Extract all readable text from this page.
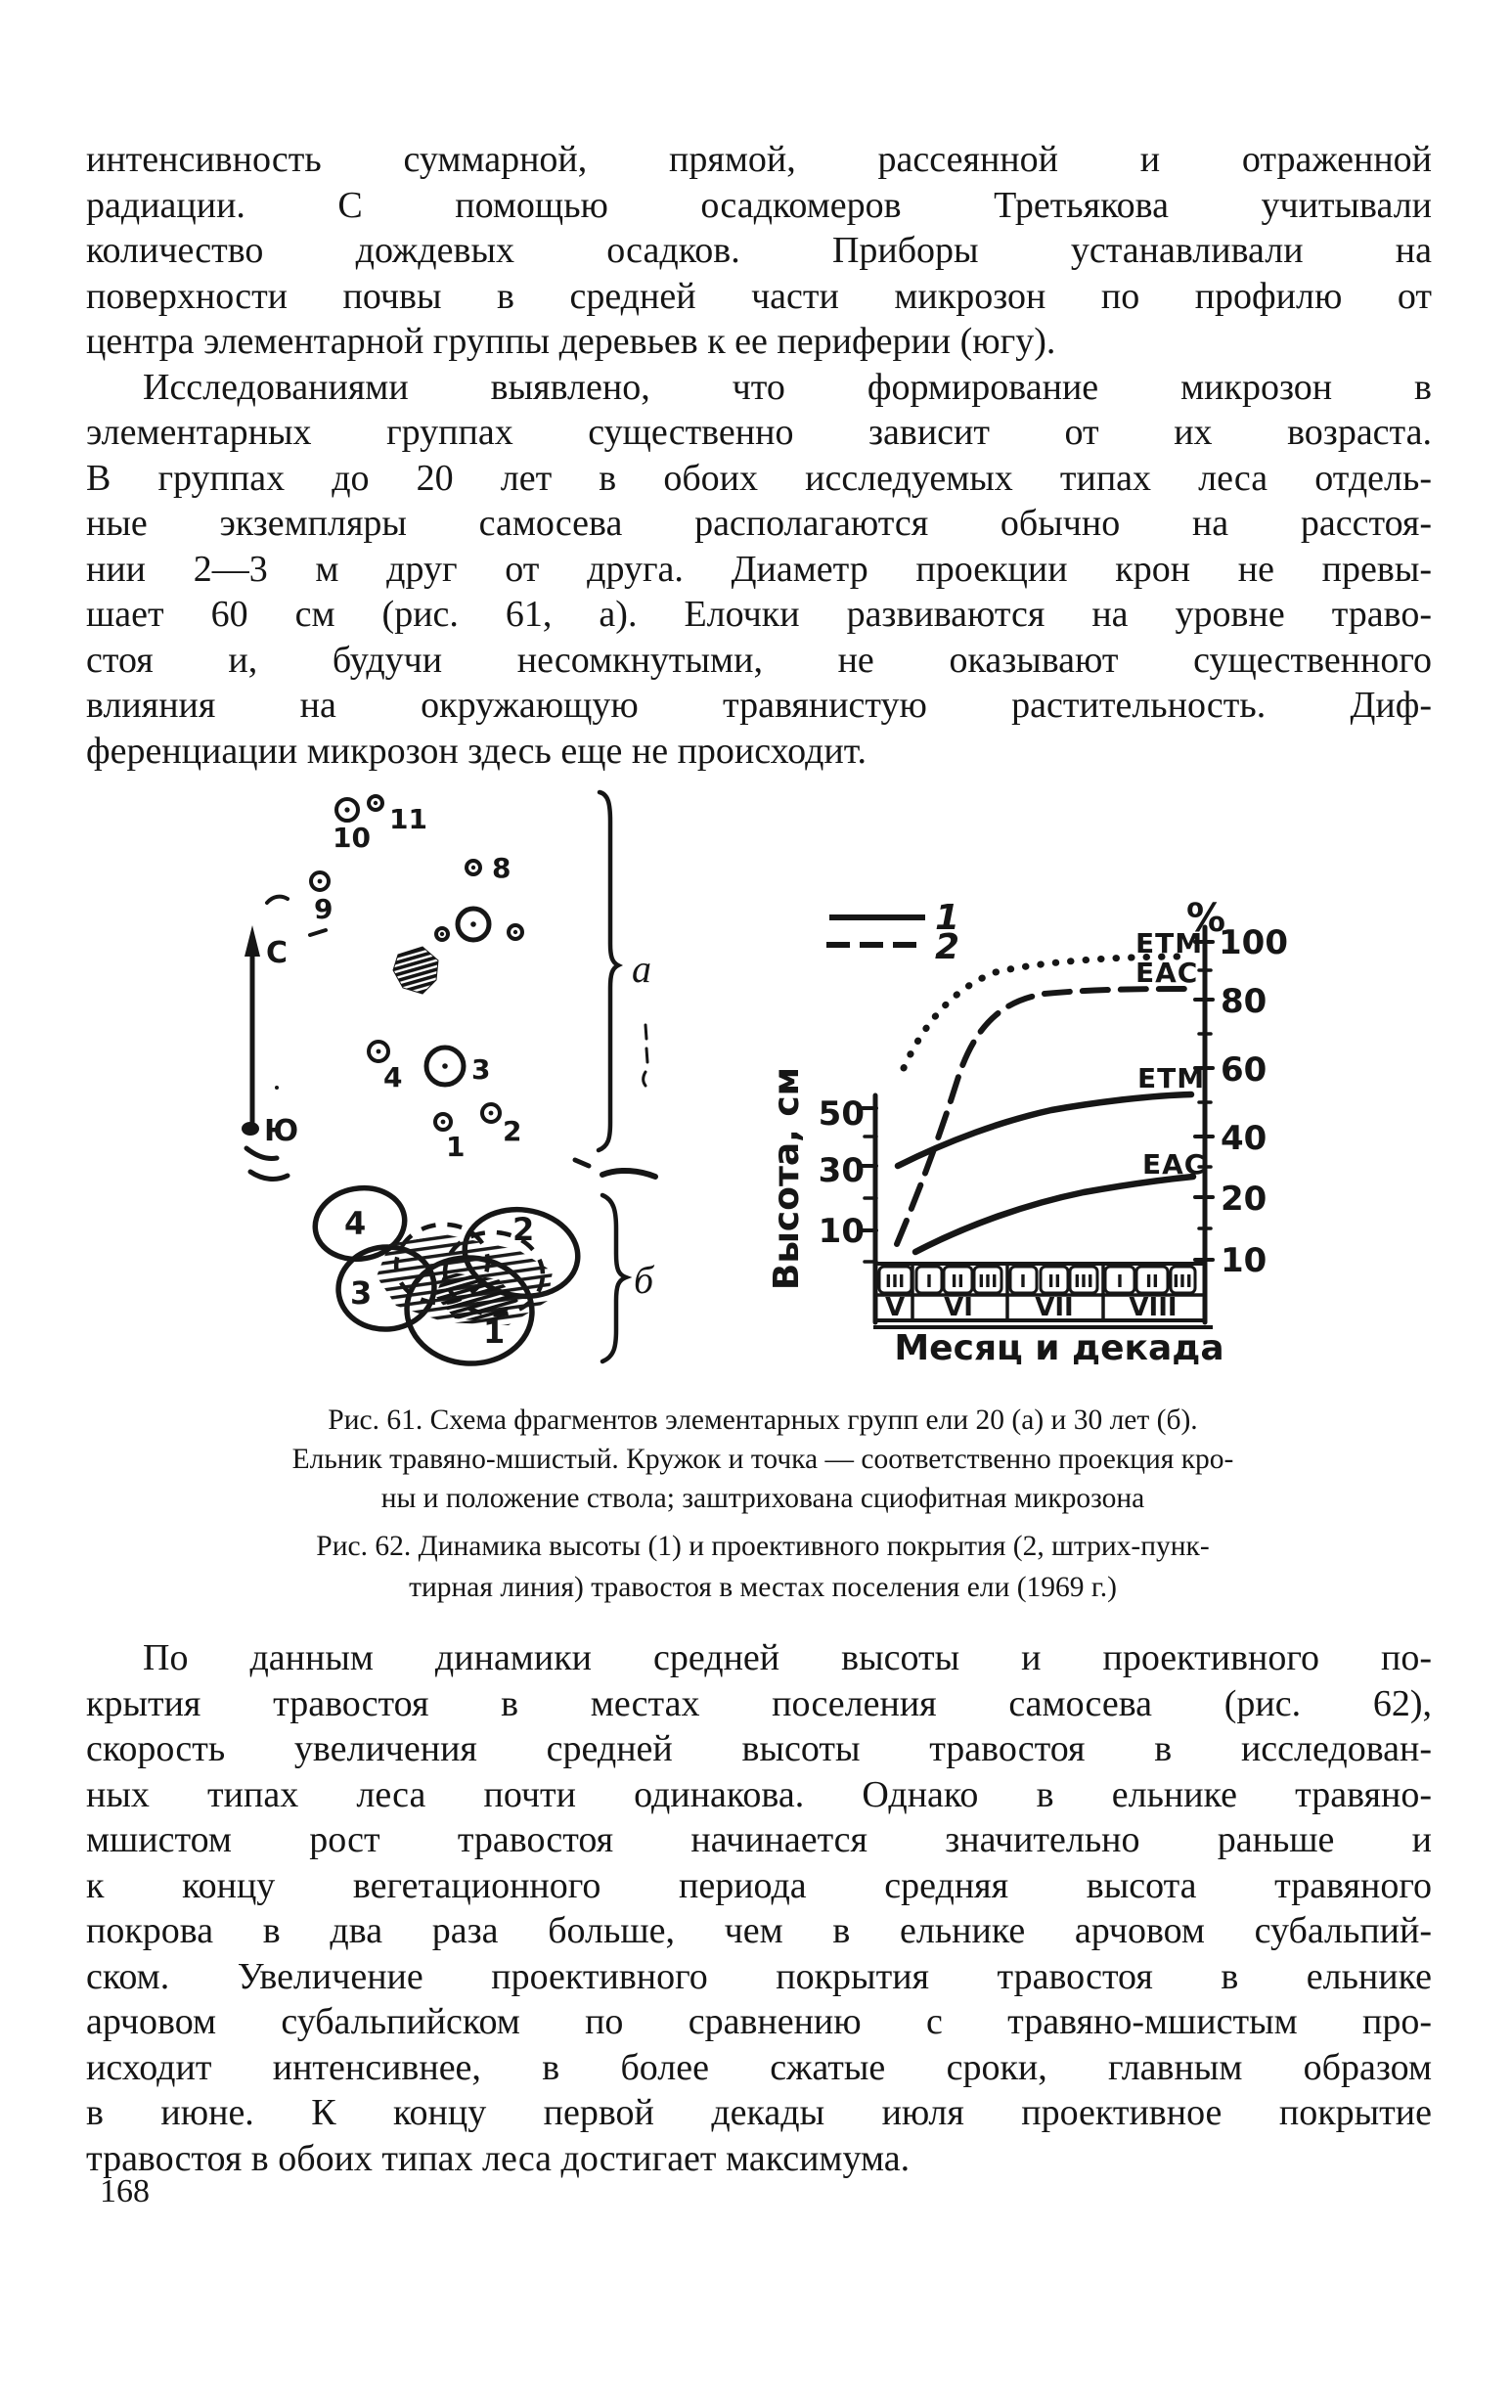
интенсивность суммарной, прямой, рассеянной и отраженной
радиации. С помощью осадкомеров Третьякова учитывали
количество дождевых осадков. Приборы устанавливали на
поверхности почвы в средней части микрозон по профилю от
центра элементарной группы деревьев к ее периферии (югу).
Исследованиями выявлено, что формирование микрозон в
элементарных группах существенно зависит от их возраста.
В группах до 20 лет в обоих исследуемых типах леса отдель-
ные экземпляры самосева располагаются обычно на расстоя-
нии 2—3 м друг от друга. Диаметр проекции крон не превы-
шает 60 см (рис. 61, а). Елочки развиваются на уровне траво-
стоя и, будучи несомкнутыми, не оказывают существенного
влияния на окружающую травянистую растительность. Диф-
ференциации микрозон здесь еще не происходит.
С
Ю	1 2
3
4
8
9
10
11
а
4	2
3
1
б
1
2
%
Высота, см 50
30
10
100
80
60
40
20
10
ЕТМ
ЕАС
ЕТМ
ЕАС
III I II III I II III I II III
V VI VII VIII
Месяц и декада
Рис. 61. Схема фрагментов элементарных групп ели 20 (а) и 30 лет (б).
Ельник травяно-мшистый. Кружок и точка — соответственно проекция кро-
ны и положение ствола; заштрихована сциофитная микрозона
Рис. 62. Динамика высоты (1) и проективного покрытия (2, штрих-пунк-
тирная линия) травостоя в местах поселения ели (1969 г.)
По данным динамики средней высоты и проективного по-
крытия травостоя в местах поселения самосева (рис. 62),
скорость увеличения средней высоты травостоя в исследован-
ных типах леса почти одинакова. Однако в ельнике травяно-
мшистом рост травостоя начинается значительно раньше и
к концу вегетационного периода средняя высота травяного
покрова в два раза больше, чем в ельнике арчовом субальпий-
ском. Увеличение проективного покрытия травостоя в ельнике
арчовом субальпийском по сравнению с травяно-мшистым про-
исходит интенсивнее, в более сжатые сроки, главным образом
в июне. К концу первой декады июля проективное покрытие
травостоя в обоих типах леса достигает максимума.
168
